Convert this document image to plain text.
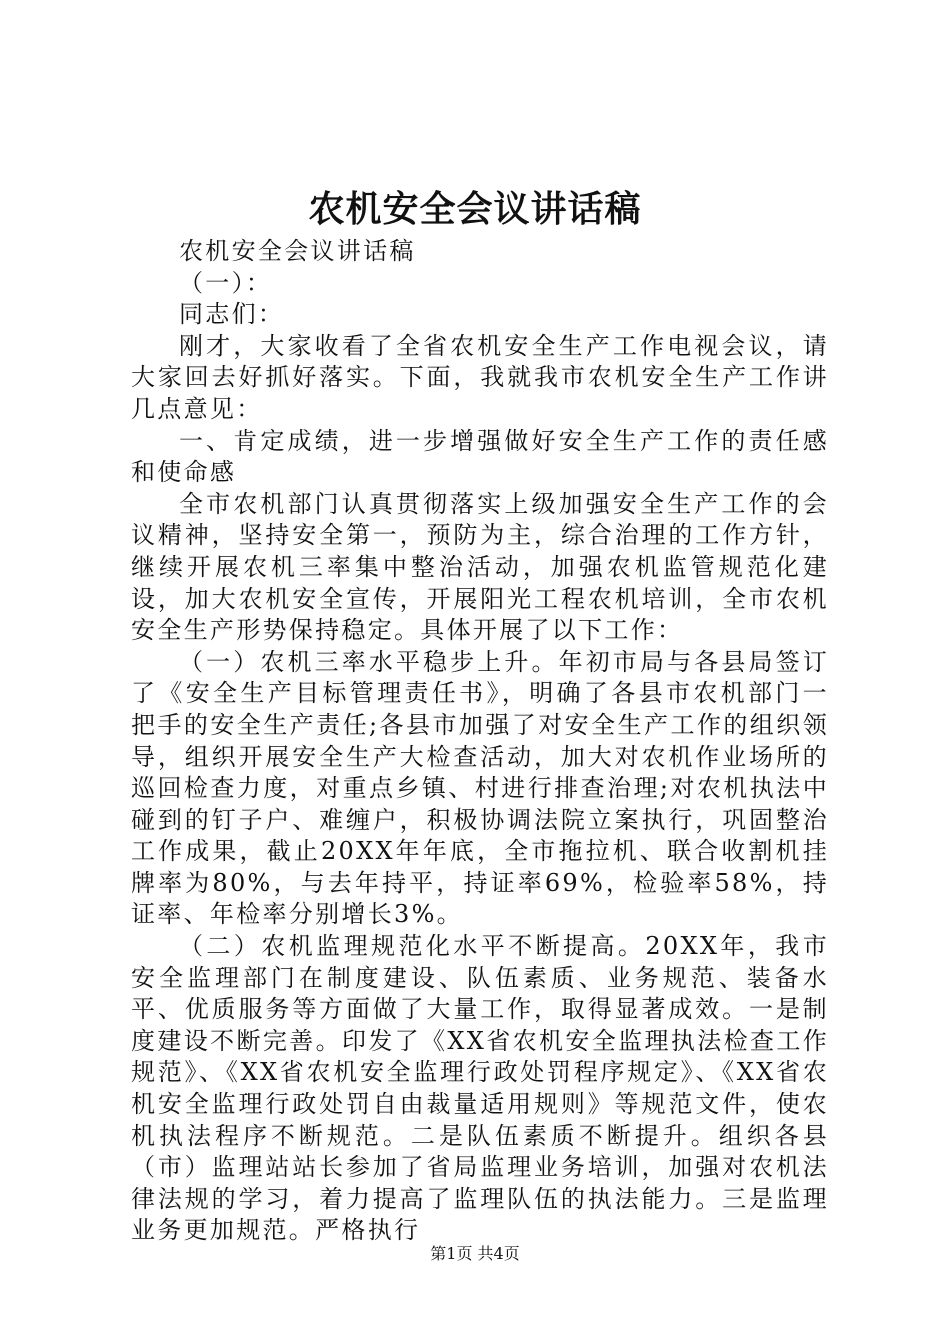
农机安全会议讲话稿

农机安全会议讲话稿

（一）：

同志们：

刚才，大家收看了全省农机安全生产工作电视会议，请大家回去好抓好落实。下面，我就我市农机安全生产工作讲几点意见：

一、肯定成绩，进一步增强做好安全生产工作的责任感和使命感

全市农机部门认真贯彻落实上级加强安全生产工作的会议精神，坚持安全第一，预防为主，综合治理的工作方针，继续开展农机三率集中整治活动，加强农机监管规范化建设，加大农机安全宣传，开展阳光工程农机培训，全市农机安全生产形势保持稳定。具体开展了以下工作：

（一）农机三率水平稳步上升。年初市局与各县局签订了《安全生产目标管理责任书》，明确了各县市农机部门一把手的安全生产责任;各县市加强了对安全生产工作的组织领导，组织开展安全生产大检查活动，加大对农机作业场所的巡回检查力度，对重点乡镇、村进行排查治理;对农机执法中碰到的钉子户、难缠户，积极协调法院立案执行，巩固整治工作成果，截止20XX年年底，全市拖拉机、联合收割机挂牌率为80%，与去年持平，持证率69%，检验率58%，持证率、年检率分别增长3%。

（二）农机监理规范化水平不断提高。20XX年，我市安全监理部门在制度建设、队伍素质、业务规范、装备水平、优质服务等方面做了大量工作，取得显著成效。一是制度建设不断完善。印发了《XX省农机安全监理执法检查工作规范》、《XX省农机安全监理行政处罚程序规定》、《XX省农机安全监理行政处罚自由裁量适用规则》等规范文件，使农机执法程序不断规范。二是队伍素质不断提升。组织各县（市）监理站站长参加了省局监理业务培训，加强对农机法律法规的学习，着力提高了监理队伍的执法能力。三是监理业务更加规范。严格执行

第1页 共4页
